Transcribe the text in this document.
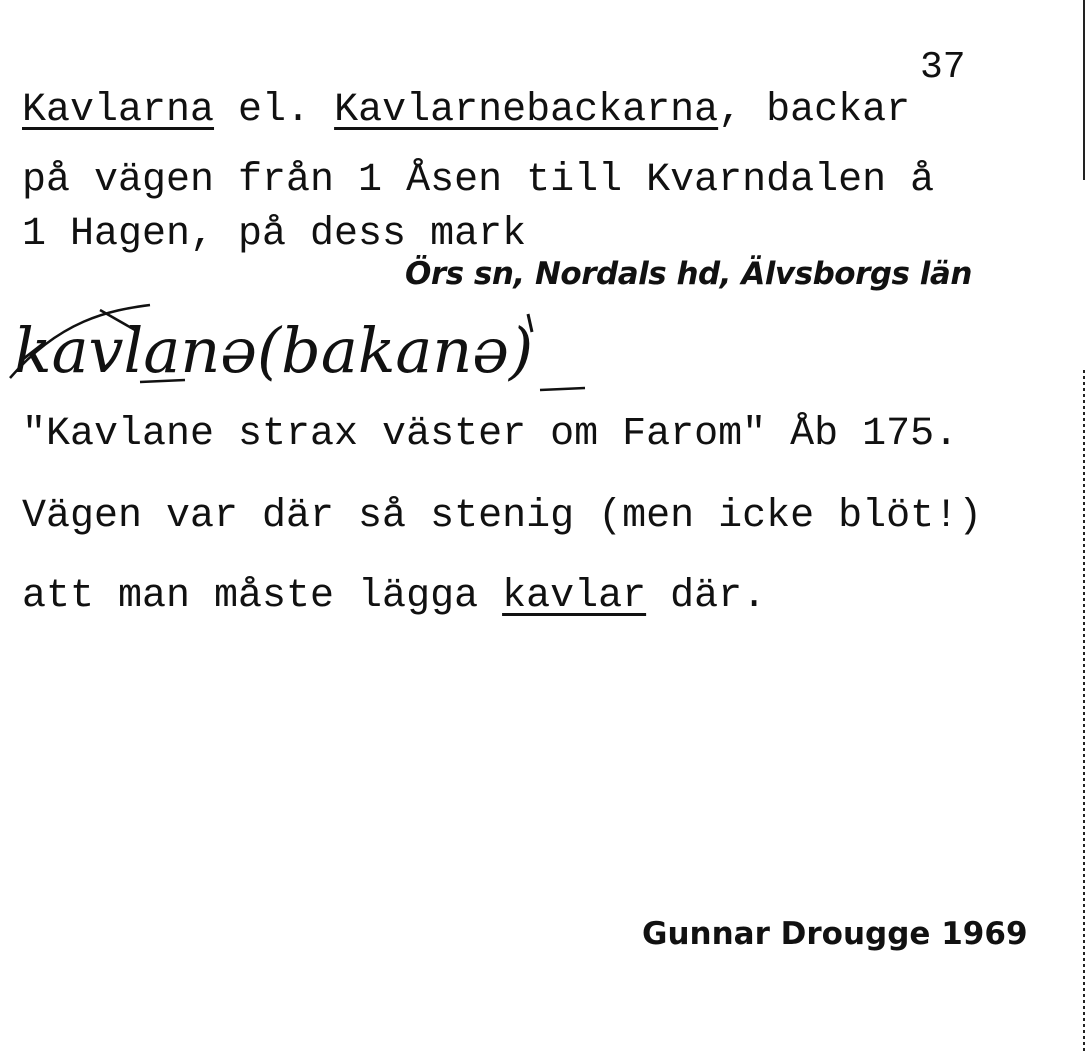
37
Kavlarna el. Kavlarnebackarna, backar
på vägen från 1 Åsen till Kvarndalen å
1 Hagen, på dess mark
Örs sn, Nordals hd, Älvsborgs län
kavlanə(bakanə)
"Kavlane strax väster om Farom" Åb 175.
Vägen var där så stenig (men icke blöt!)
att man måste lägga kavlar där.
Gunnar Drougge 1969
